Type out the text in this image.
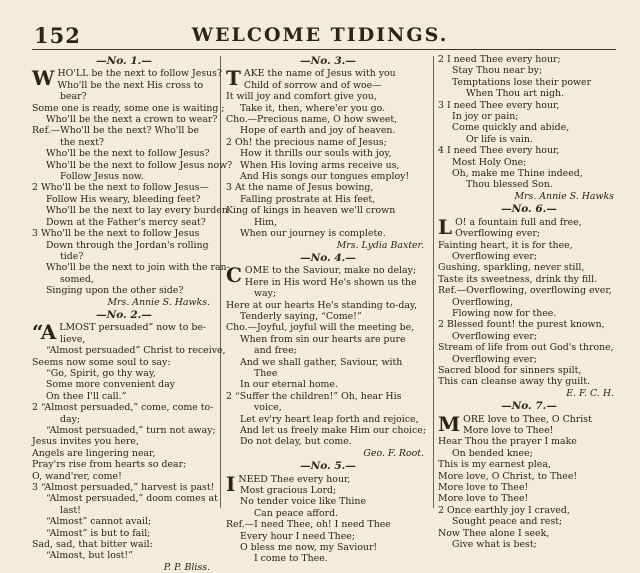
152	WELCOME TIDINGS.
—No. 1.—
WHO'LL be the next to follow Jesus?
Who'll be the next His cross to
bear?
Some one is ready, some one is waiting ;
Who'll be the next a crown to wear?
Ref.—Who'll be the next? Who'll be
the next?
Who'll be the next to follow Jesus?
Who'll be the next to follow Jesus now?
Follow Jesus now.
2 Who'll be the next to follow Jesus—
Follow His weary, bleeding feet?
Who'll be the next to lay every burden
Down at the Father's mercy seat?
3 Who'll be the next to follow Jesus
Down through the Jordan's rolling
tide?
Who'll be the next to join with the ran-
somed,
Singing upon the other side?
Mrs. Annie S. Hawks.
—No. 2.—
“ALMOST persuaded” now to be-
lieve,
“Almost persuaded” Christ to receive,
Seems now some soul to say:
“Go, Spirit, go thy way,
Some more convenient day
On thee I'll call.”
2 “Almost persuaded,” come, come to-
day;
“Almost persuaded,” turn not away;
Jesus invites you here,
Angels are lingering near,
Pray'rs rise from hearts so dear;
O, wand'rer, come!
3 “Almost persuaded,” harvest is past!
“Almost persuaded,” doom comes at
last!
“Almost” cannot avail;
“Almost” is but to fail;
Sad, sad, that bitter wail:
“Almost, but lost!”
P. P. Bliss.
—No. 3.—
TAKE the name of Jesus with you
Child of sorrow and of woe—
It will joy and comfort give you,
Take it, then, where'er you go.
Cho.—Precious name, O how sweet,
Hope of earth and joy of heaven.
2 Oh! the precious name of Jesus;
How it thrills our souls with joy,
When His loving arms receive us,
And His songs our tongues employ!
3 At the name of Jesus bowing,
Falling prostrate at His feet,
King of kings in heaven we'll crown
Him,
When our journey is complete.
Mrs. Lydia Baxter.
—No. 4.—
COME to the Saviour, make no delay;
Here in His word He's shown us the
way;
Here at our hearts He's standing to-day,
Tenderly saying, “Come!”
Cho.—Joyful, joyful will the meeting be,
When from sin our hearts are pure
and free;
And we shall gather, Saviour, with
Thee
In our eternal home.
2 “Suffer the children!” Oh, hear His
voice,
Let ev'ry heart leap forth and rejoice,
And let us freely make Him our choice;
Do not delay, but come.
Geo. F. Root.
—No. 5.—
INEED Thee every hour,
Most gracious Lord;
No tender voice like Thine
Can peace afford.
Ref.—I need Thee, oh! I need Thee
Every hour I need Thee;
O bless me now, my Saviour!
I come to Thee.
2 I need Thee every hour;
Stay Thou near by;
Temptations lose their power
When Thou art nigh.
3 I need Thee every hour,
In joy or pain;
Come quickly and abide,
Or life is vain.
4 I need Thee every hour,
Most Holy One;
Oh, make me Thine indeed,
Thou blessed Son.
Mrs. Annie S. Hawks
—No. 6.—
L O! a fountain full and free,
Overflowing ever;
Fainting heart, it is for thee,
Overflowing ever;
Gushing, sparkling, never still,
Taste its sweetness, drink thy fill.
Ref.—Overflowing, overflowing ever,
Overflowing,
Flowing now for thee.
2 Blessed fount! the purest known,
Overflowing ever;
Stream of life from out God's throne,
Overflowing ever;
Sacred blood for sinners spilt,
This can cleanse away thy guilt.
E. F. C. H.
—No. 7.—
MORE love to Thee, O Christ
More love to Thee!
Hear Thou the prayer I make
On bended knee;
This is my earnest plea,
More love, O Christ, to Thee!
More love to Thee!
More love to Thee!
2 Once earthly joy I craved,
Sought peace and rest;
Now Thee alone I seek,
Give what is best;
